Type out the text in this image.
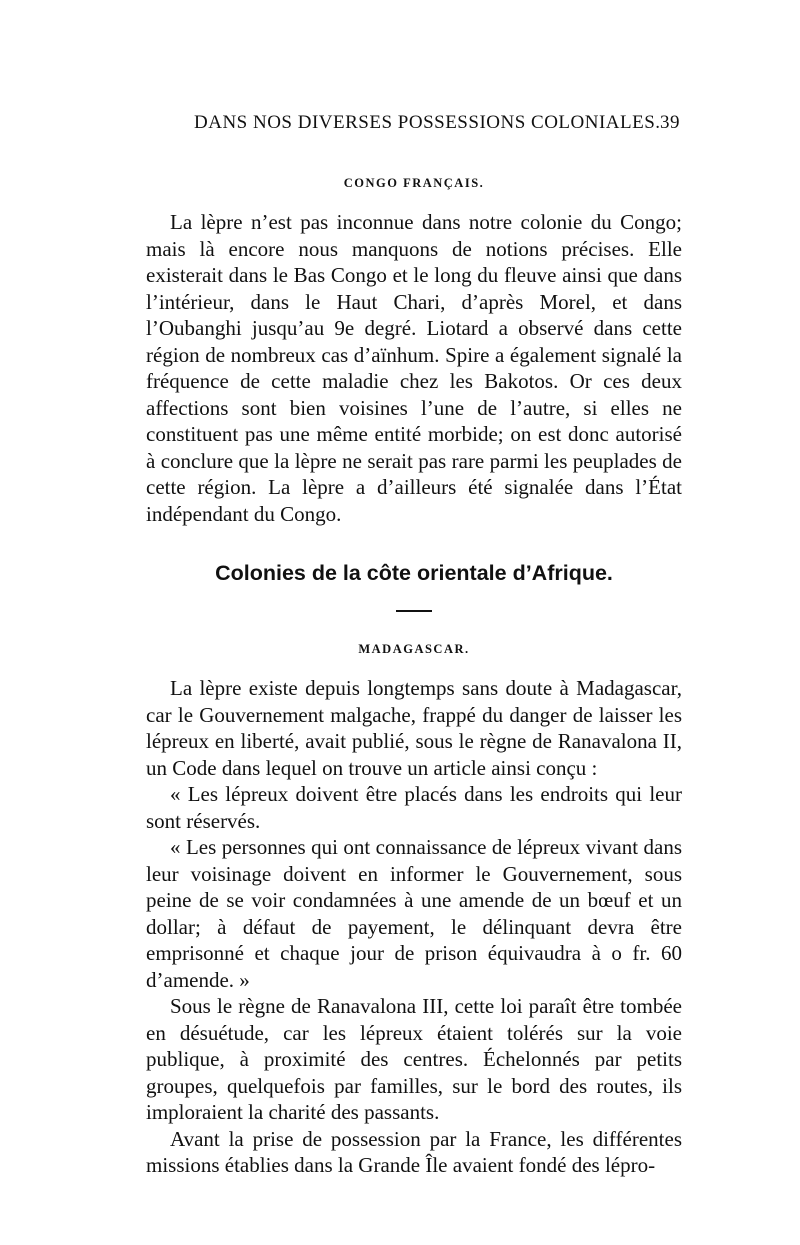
DANS NOS DIVERSES POSSESSIONS COLONIALES. 39
CONGO FRANÇAIS.

La lèpre n’est pas inconnue dans notre colonie du Congo; mais là encore nous manquons de notions précises. Elle existerait dans le Bas Congo et le long du fleuve ainsi que dans l’intérieur, dans le Haut Chari, d’après Morel, et dans l’Oubanghi jusqu’au 9e degré. Liotard a observé dans cette région de nombreux cas d’aïnhum. Spire a également signalé la fréquence de cette maladie chez les Bakotos. Or ces deux affections sont bien voisines l’une de l’autre, si elles ne constituent pas une même entité morbide; on est donc autorisé à conclure que la lèpre ne serait pas rare parmi les peuplades de cette région. La lèpre a d’ailleurs été signalée dans l’État indépendant du Congo.

Colonies de la côte orientale d’Afrique.
MADAGASCAR.

La lèpre existe depuis longtemps sans doute à Madagascar, car le Gouvernement malgache, frappé du danger de laisser les lépreux en liberté, avait publié, sous le règne de Ranavalona II, un Code dans lequel on trouve un article ainsi conçu :

« Les lépreux doivent être placés dans les endroits qui leur sont réservés.

« Les personnes qui ont connaissance de lépreux vivant dans leur voisinage doivent en informer le Gouvernement, sous peine de se voir condamnées à une amende de un bœuf et un dollar; à défaut de payement, le délinquant devra être emprisonné et chaque jour de prison équivaudra à o fr. 60 d’amende. »

Sous le règne de Ranavalona III, cette loi paraît être tombée en désuétude, car les lépreux étaient tolérés sur la voie publique, à proximité des centres. Échelonnés par petits groupes, quelquefois par familles, sur le bord des routes, ils imploraient la charité des passants.

Avant la prise de possession par la France, les différentes missions établies dans la Grande Île avaient fondé des lépro-
